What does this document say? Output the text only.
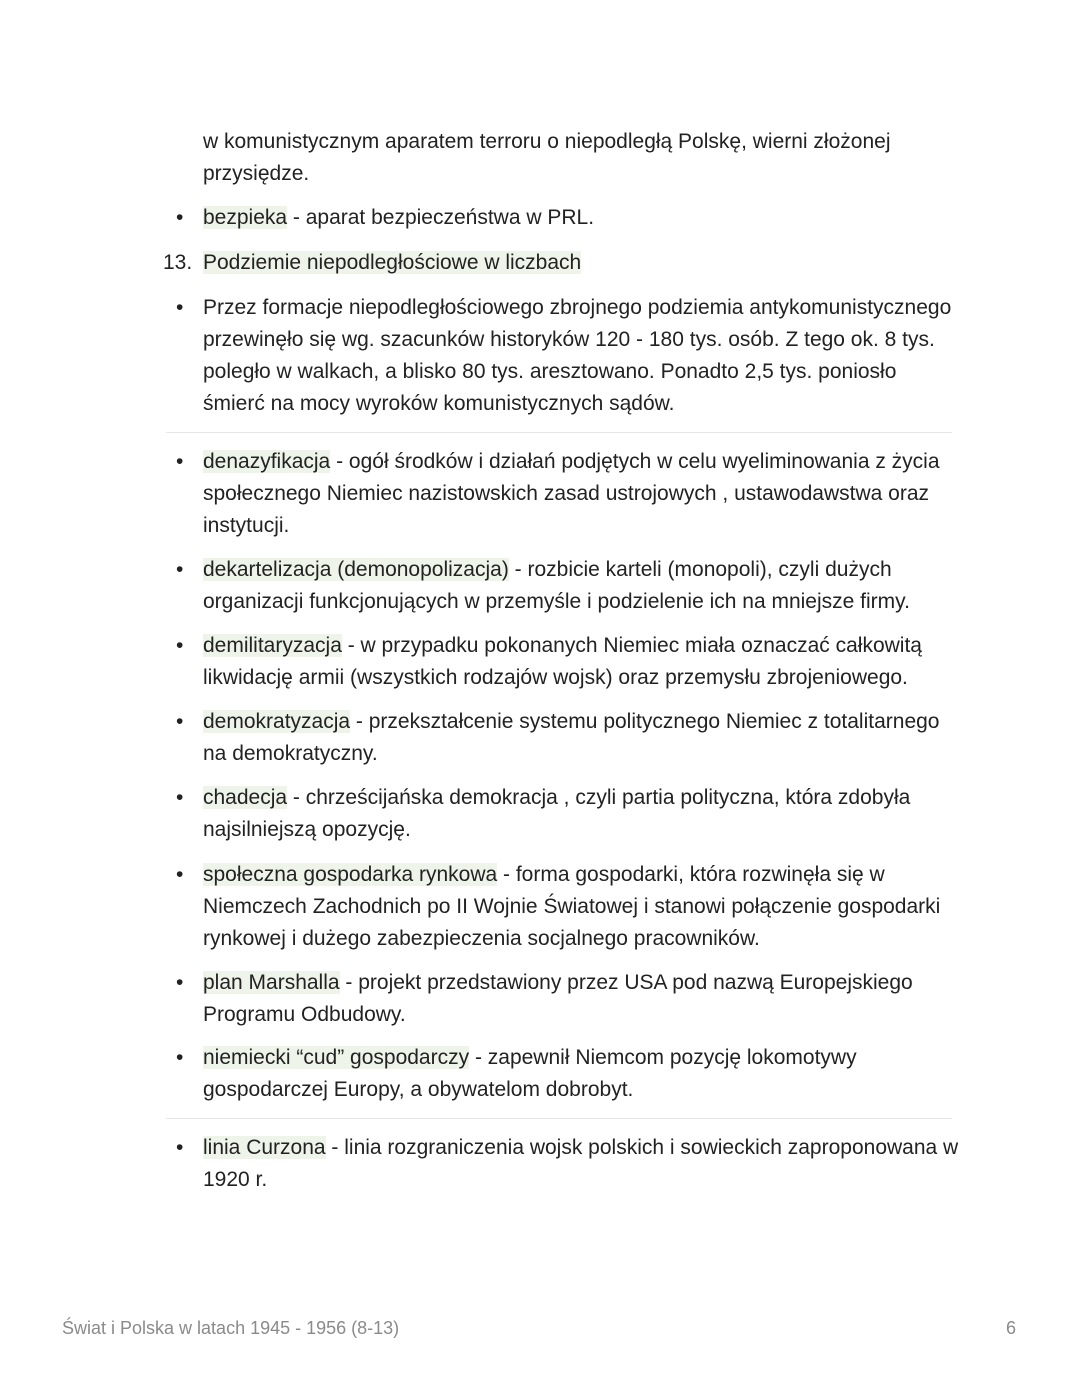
w komunistycznym aparatem terroru o niepodległą Polskę, wierni złożonej przysiędze.
• bezpieka - aparat bezpieczeństwa w PRL.
13. Podziemie niepodległościowe w liczbach
• Przez formacje niepodległościowego zbrojnego podziemia antykomunistycznego przewinęło się wg. szacunków historyków 120 - 180 tys. osób. Z tego ok. 8 tys. poległo w walkach, a blisko 80 tys. aresztowano. Ponadto 2,5 tys. poniosło śmierć na mocy wyroków komunistycznych sądów.
• denazyfikacja - ogół środków i działań podjętych w celu wyeliminowania z życia społecznego Niemiec nazistowskich zasad ustrojowych , ustawodawstwa oraz instytucji.
• dekartelizacja (demonopolizacja) - rozbicie karteli (monopoli), czyli dużych organizacji funkcjonujących w przemyśle i podzielenie ich na mniejsze firmy.
• demilitaryzacja - w przypadku pokonanych Niemiec miała oznaczać całkowitą likwidację armii (wszystkich rodzajów wojsk) oraz przemysłu zbrojeniowego.
• demokratyzacja - przekształcenie systemu politycznego Niemiec z totalitarnego na demokratyczny.
• chadecja - chrześcijańska demokracja , czyli partia polityczna, która zdobyła najsilniejszą opozycję.
• społeczna gospodarka rynkowa - forma gospodarki, która rozwinęła się w Niemczech Zachodnich po II Wojnie Światowej i stanowi połączenie gospodarki rynkowej i dużego zabezpieczenia socjalnego pracowników.
• plan Marshalla - projekt przedstawiony przez USA pod nazwą Europejskiego Programu Odbudowy.
• niemiecki “cud” gospodarczy - zapewnił Niemcom pozycję lokomotywy gospodarczej Europy, a obywatelom dobrobyt.
• linia Curzona - linia rozgraniczenia wojsk polskich i sowieckich zaproponowana w 1920 r.
Świat i Polska w latach 1945 - 1956 (8-13)	6
